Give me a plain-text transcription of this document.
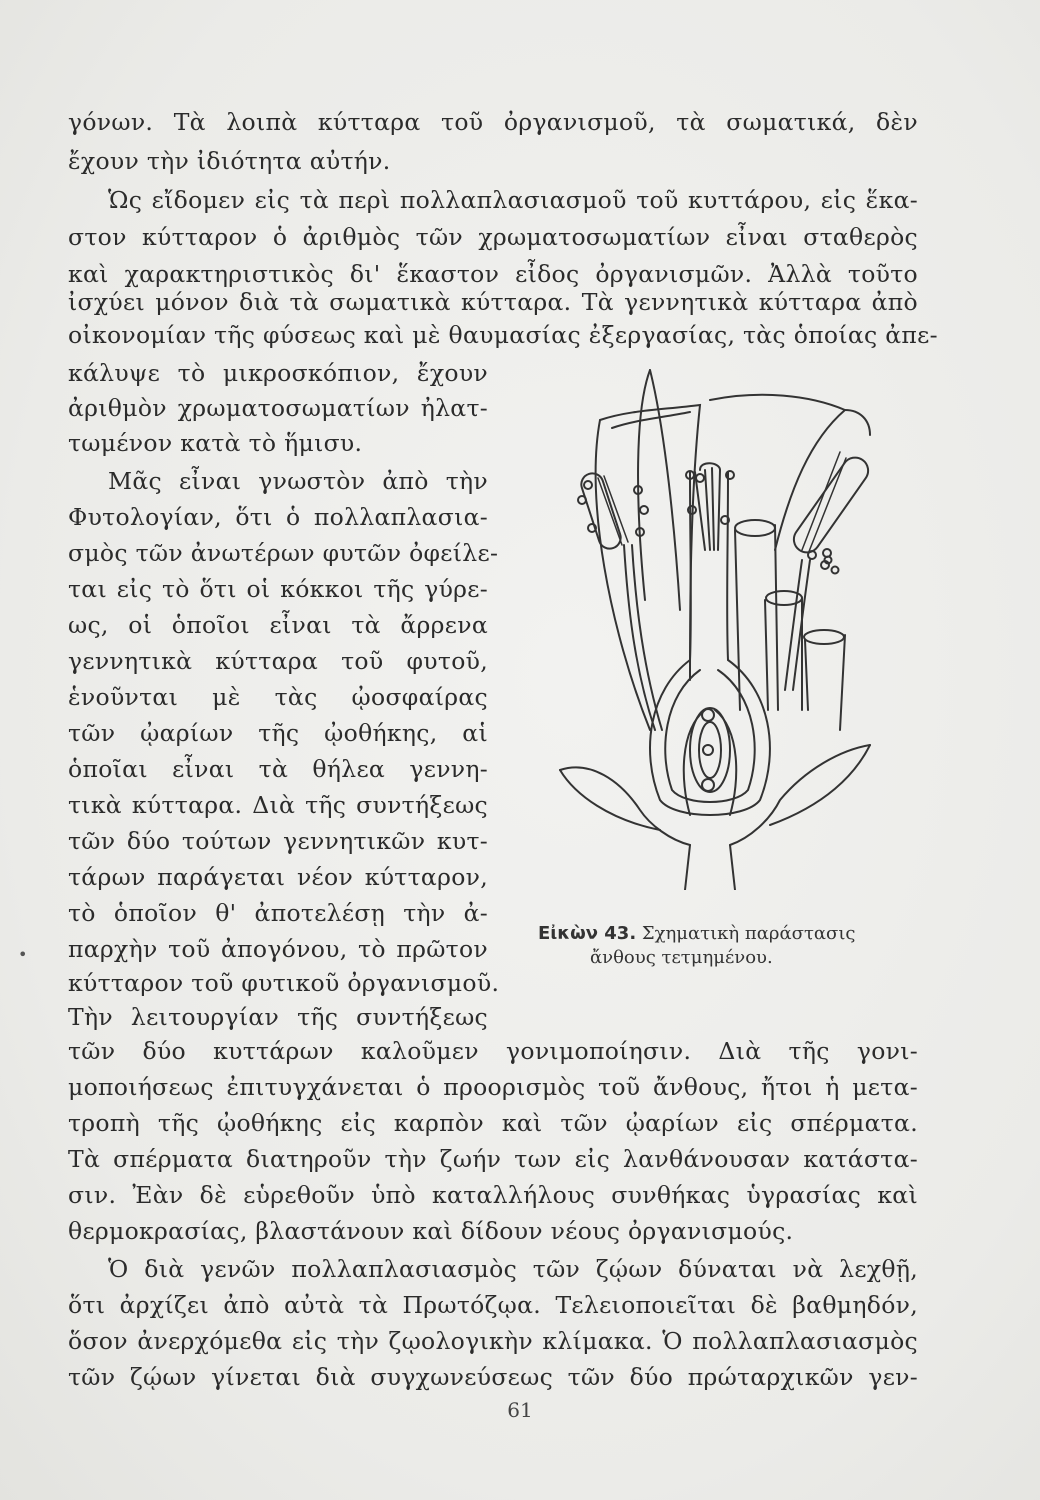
γόνων. Τὰ λοιπὰ κύτταρα τοῦ ὀργανισμοῦ, τὰ σωματικά, δὲν
ἔχουν τὴν ἰδιότητα αὐτήν.
Ὡς εἴδομεν εἰς τὰ περὶ πολλαπλασιασμοῦ τοῦ κυττάρου, εἰς ἕκα-
στον κύτταρον ὁ ἀριθμὸς τῶν χρωματοσωματίων εἶναι σταθερὸς
καὶ χαρακτηριστικὸς δι' ἕκαστον εἶδος ὀργανισμῶν. Ἀλλὰ τοῦτο
ἰσχύει μόνον διὰ τὰ σωματικὰ κύτταρα. Τὰ γεννητικὰ κύτταρα ἀπὸ
οἰκονομίαν τῆς φύσεως καὶ μὲ θαυμασίας ἐξεργασίας, τὰς ὁποίας ἀπε-
κάλυψε τὸ μικροσκόπιον, ἔχουν
ἀριθμὸν χρωματοσωματίων ἠλατ-
τωμένον κατὰ τὸ ἥμισυ.
Μᾶς εἶναι γνωστὸν ἀπὸ τὴν
Φυτολογίαν, ὅτι ὁ πολλαπλασια-
σμὸς τῶν ἀνωτέρων φυτῶν ὀφείλε-
ται εἰς τὸ ὅτι οἱ κόκκοι τῆς γύρε-
ως, οἱ ὁποῖοι εἶναι τὰ ἄρρενα
γεννητικὰ κύτταρα τοῦ φυτοῦ,
ἑνοῦνται μὲ τὰς ᾠοσφαίρας
τῶν ᾠαρίων τῆς ᾠοθήκης, αἱ
ὁποῖαι εἶναι τὰ θήλεα γεννη-
τικὰ κύτταρα. Διὰ τῆς συντήξεως
τῶν δύο τούτων γεννητικῶν κυτ-
τάρων παράγεται νέον κύτταρον,
τὸ ὁποῖον θ' ἀποτελέσῃ τὴν ἀ-
παρχὴν τοῦ ἀπογόνου, τὸ πρῶτον
κύτταρον τοῦ φυτικοῦ ὀργανισμοῦ.
Τὴν λειτουργίαν τῆς συντήξεως
τῶν δύο κυττάρων καλοῦμεν γονιμοποίησιν. Διὰ τῆς γονι-
μοποιήσεως ἐπιτυγχάνεται ὁ προορισμὸς τοῦ ἄνθους, ἤτοι ἡ μετα-
τροπὴ τῆς ᾠοθήκης εἰς καρπὸν καὶ τῶν ᾠαρίων εἰς σπέρματα.
Τὰ σπέρματα διατηροῦν τὴν ζωήν των εἰς λανθάνουσαν κατάστα-
σιν. Ἐὰν δὲ εὑρεθοῦν ὑπὸ καταλλήλους συνθήκας ὑγρασίας καὶ
θερμοκρασίας, βλαστάνουν καὶ δίδουν νέους ὀργανισμούς.
Ὁ διὰ γενῶν πολλαπλασιασμὸς τῶν ζῴων δύναται νὰ λεχθῇ,
ὅτι ἀρχίζει ἀπὸ αὐτὰ τὰ Πρωτόζῳα. Τελειοποιεῖται δὲ βαθμηδόν,
ὅσον ἀνερχόμεθα εἰς τὴν ζῳολογικὴν κλίμακα. Ὁ πολλαπλασιασμὸς
τῶν ζῴων γίνεται διὰ συγχωνεύσεως τῶν δύο πρώταρχικῶν γεν-
Εἰκὼν 43. Σχηματικὴ παράστασις
ἄνθους τετμημένου.
•
61
